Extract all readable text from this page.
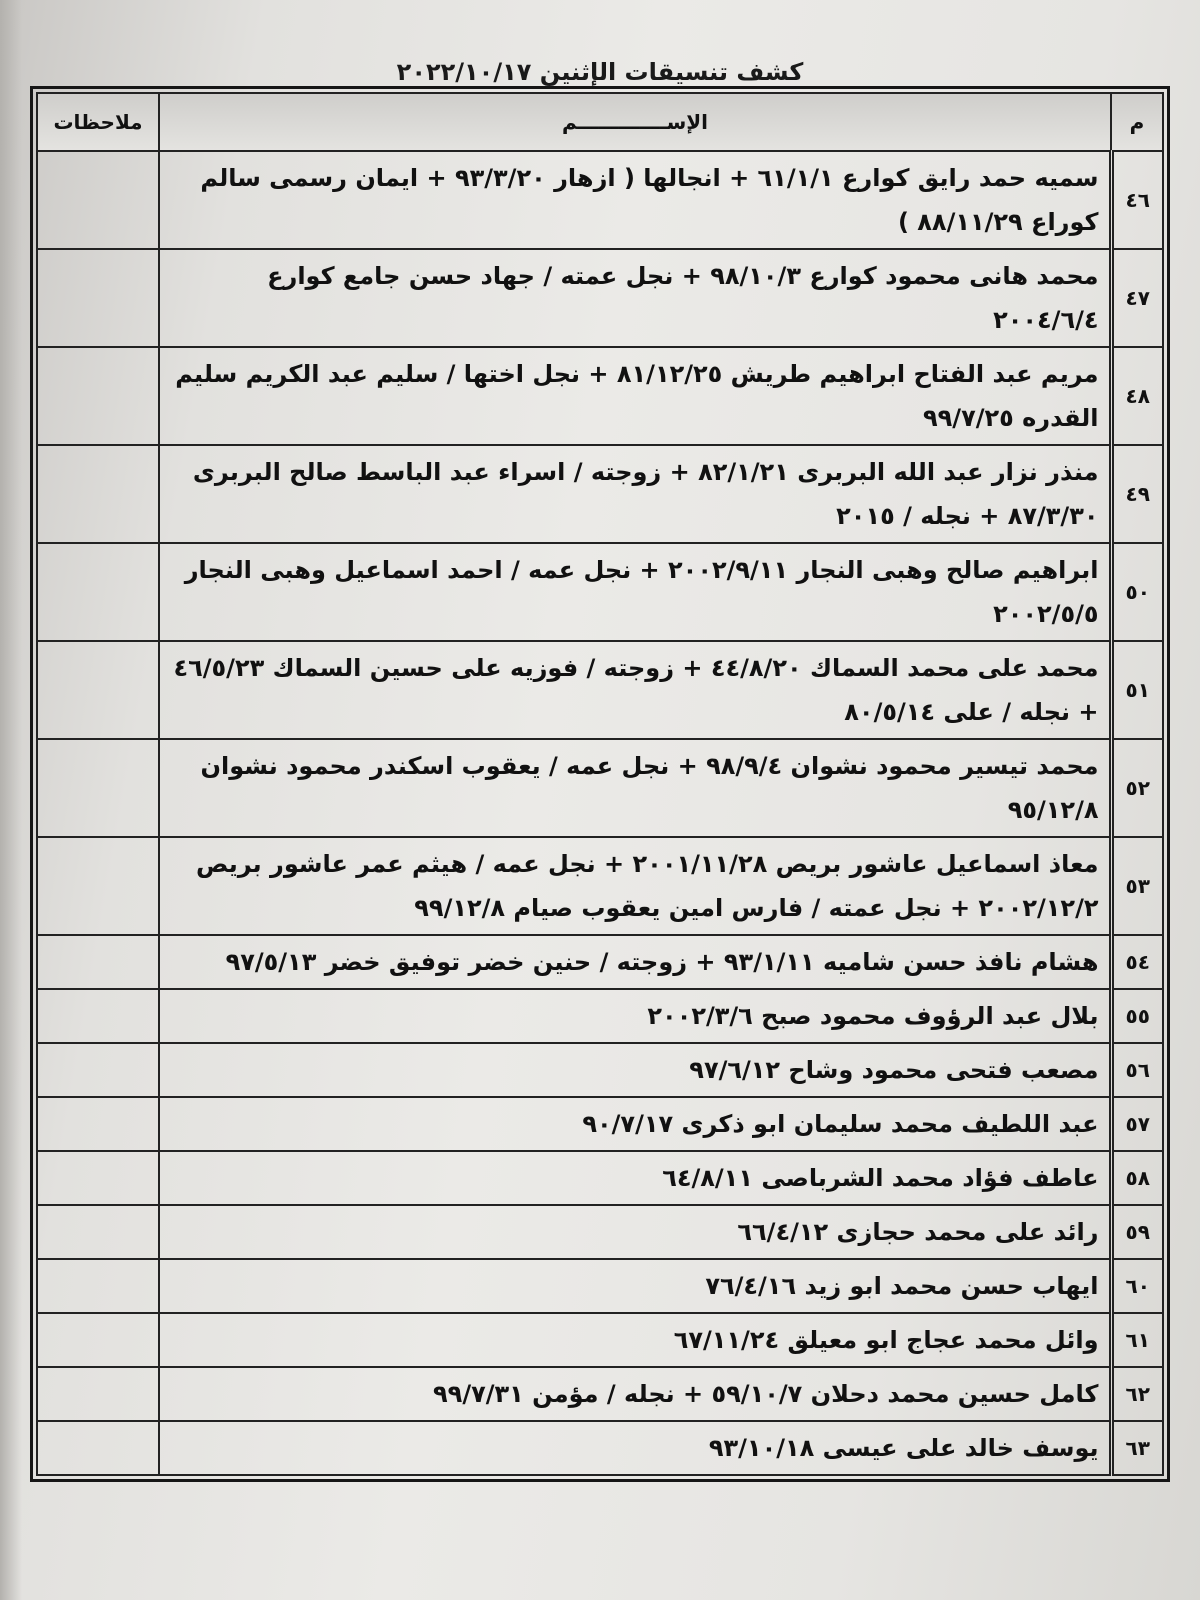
كشف تنسيقات الإثنين ٢٠٢٢/١٠/١٧
م	الإســـــــــــــم	ملاحظات
٤٦	سميه حمد رايق كوارع ٦١/١/١ + انجالها ( ازهار ٩٣/٣/٢٠ + ايمان رسمى سالم كوراع ٨٨/١١/٢٩ )	
٤٧	محمد هانى محمود كوارع ٩٨/١٠/٣ + نجل عمته / جهاد حسن جامع كوارع ٢٠٠٤/٦/٤	
٤٨	مريم عبد الفتاح ابراهيم طريش ٨١/١٢/٢٥ + نجل اختها / سليم عبد الكريم سليم القدره ٩٩/٧/٢٥	
٤٩	منذر نزار عبد الله البربرى ٨٢/١/٢١ + زوجته / اسراء عبد الباسط صالح البربرى ٨٧/٣/٣٠ + نجله / ٢٠١٥	
٥٠	ابراهيم صالح وهبى النجار ٢٠٠٢/٩/١١ + نجل عمه / احمد اسماعيل وهبى النجار ٢٠٠٢/٥/٥	
٥١	محمد على محمد السماك ٤٤/٨/٢٠ + زوجته / فوزيه على حسين السماك ٤٦/٥/٢٣ + نجله / على ٨٠/٥/١٤	
٥٢	محمد تيسير محمود نشوان ٩٨/٩/٤ + نجل عمه / يعقوب اسكندر محمود نشوان ٩٥/١٢/٨	
٥٣	معاذ اسماعيل عاشور بريص ٢٠٠١/١١/٢٨ + نجل عمه / هيثم عمر عاشور بريص ٢٠٠٢/١٢/٢ + نجل عمته / فارس امين يعقوب صيام ٩٩/١٢/٨	
٥٤	هشام نافذ حسن شاميه ٩٣/١/١١ + زوجته / حنين خضر توفيق خضر ٩٧/٥/١٣	
٥٥	بلال عبد الرؤوف محمود صبح ٢٠٠٢/٣/٦	
٥٦	مصعب فتحى محمود وشاح ٩٧/٦/١٢	
٥٧	عبد اللطيف محمد سليمان ابو ذكرى ٩٠/٧/١٧	
٥٨	عاطف فؤاد محمد الشرباصى ٦٤/٨/١١	
٥٩	رائد على محمد حجازى ٦٦/٤/١٢	
٦٠	ايهاب حسن محمد ابو زيد ٧٦/٤/١٦	
٦١	وائل محمد عجاج ابو معيلق ٦٧/١١/٢٤	
٦٢	كامل حسين محمد دحلان ٥٩/١٠/٧ + نجله / مؤمن ٩٩/٧/٣١	
٦٣	يوسف خالد على عيسى ٩٣/١٠/١٨	
